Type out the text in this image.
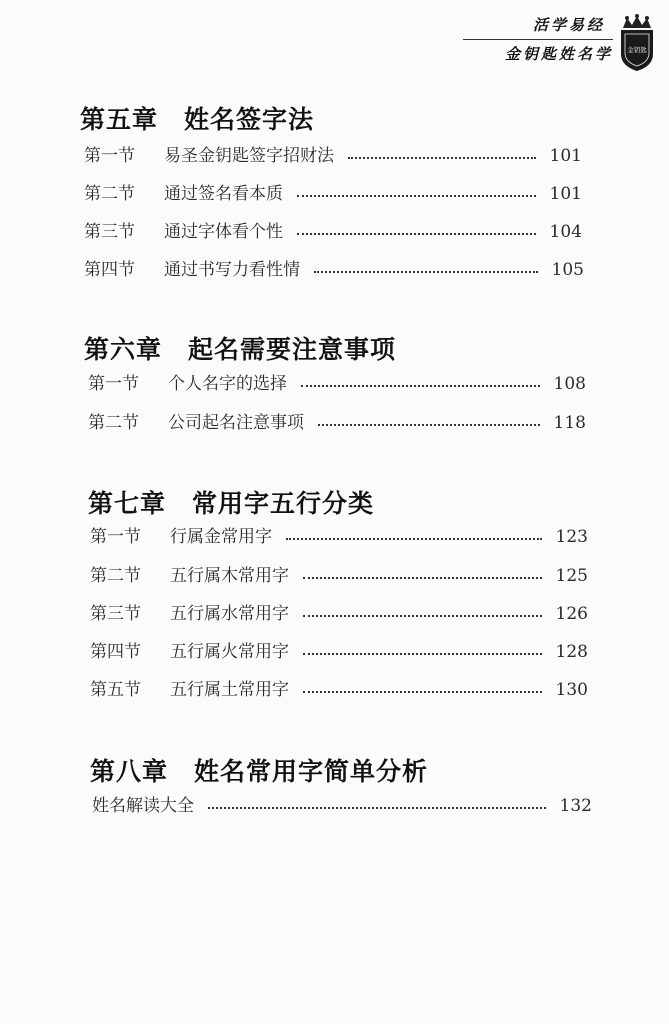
活学易经
金钥匙姓名学 金钥匙
第五章　姓名签字法
第一节	易圣金钥匙签字招财法	101
第二节	通过签名看本质	101
第三节	通过字体看个性	104
第四节	通过书写力看性情	105
第六章　起名需要注意事项
第一节	个人名字的选择	108
第二节	公司起名注意事项	118
第七章　常用字五行分类
第一节	行属金常用字	123
第二节	五行属木常用字	125
第三节	五行属水常用字	126
第四节	五行属火常用字	128
第五节	五行属土常用字	130
第八章　姓名常用字简单分析
姓名解读大全	132
